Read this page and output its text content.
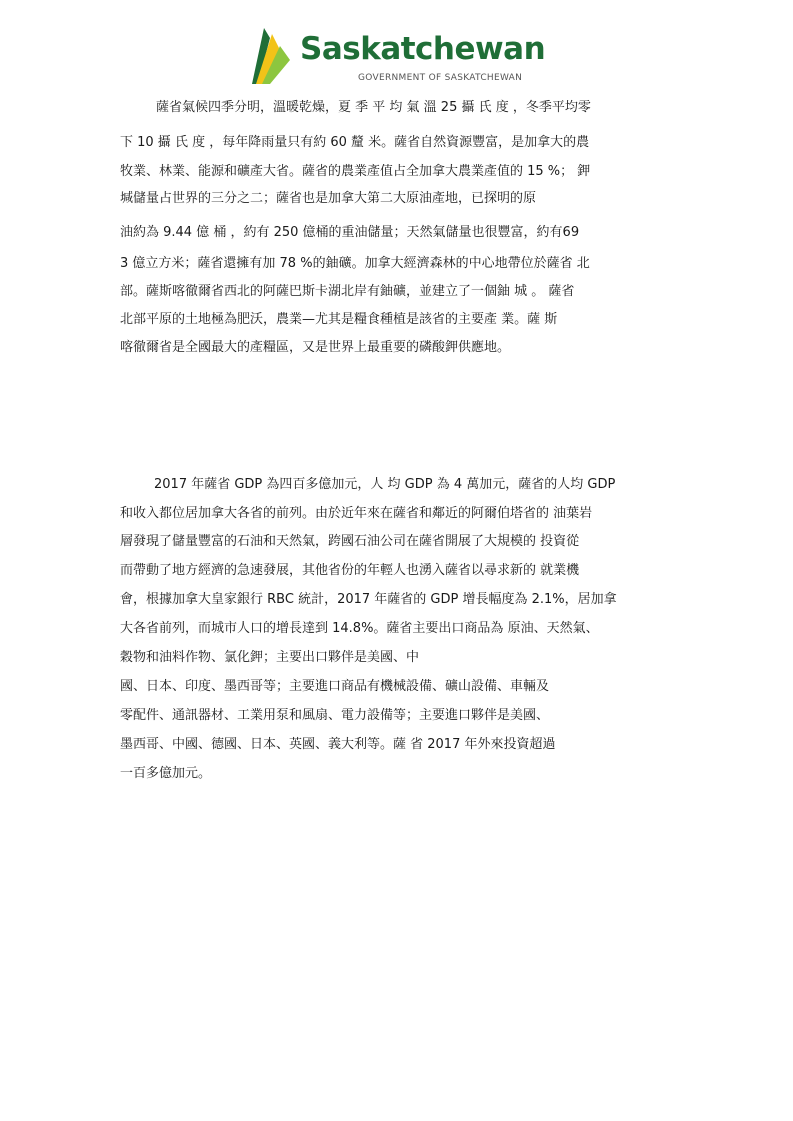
Saskatchewan
GOVERNMENT OF SASKATCHEWAN
薩省氣候四季分明，溫暖乾燥，夏 季 平 均 氣 溫 25 攝 氏 度 ，冬季平均零
下 10 攝 氏 度 ，每年降雨量只有約 60 釐 米。薩省自然資源豐富，是加拿大的農
牧業、林業、能源和礦產大省。薩省的農業產值占全加拿大農業產值的 15 %； 鉀
堿儲量占世界的三分之二；薩省也是加拿大第二大原油產地，已探明的原
油約為 9.44 億 桶 ，約有 250 億桶的重油儲量；天然氣儲量也很豐富，約有69
3 億立方米；薩省還擁有加 78 %的鈾礦。加拿大經濟森林的中心地帶位於薩省 北
部。薩斯喀徹爾省西北的阿薩巴斯卡湖北岸有鈾礦，並建立了一個鈾 城 。 薩省
北部平原的土地極為肥沃，農業—尤其是糧食種植是該省的主要產 業。薩 斯
喀徹爾省是全國最大的產糧區，又是世界上最重要的磷酸鉀供應地。
2017 年薩省 GDP 為四百多億加元，人 均 GDP 為 4 萬加元，薩省的人均 GDP
和收入都位居加拿大各省的前列。由於近年來在薩省和鄰近的阿爾伯塔省的 油葉岩
層發現了儲量豐富的石油和天然氣，跨國石油公司在薩省開展了大規模的 投資從
而帶動了地方經濟的急速發展，其他省份的年輕人也湧入薩省以尋求新的 就業機
會，根據加拿大皇家銀行 RBC 統計，2017 年薩省的 GDP 增長幅度為 2.1%，居加拿
大各省前列，而城市人口的增長達到 14.8%。薩省主要出口商品為 原油、天然氣、
穀物和油料作物、氯化鉀；主要出口夥伴是美國、中
國、日本、印度、墨西哥等；主要進口商品有機械設備、礦山設備、車輛及
零配件、通訊器材、工業用泵和風扇、電力設備等；主要進口夥伴是美國、
墨西哥、中國、德國、日本、英國、義大利等。薩 省 2017 年外來投資超過
一百多億加元。
